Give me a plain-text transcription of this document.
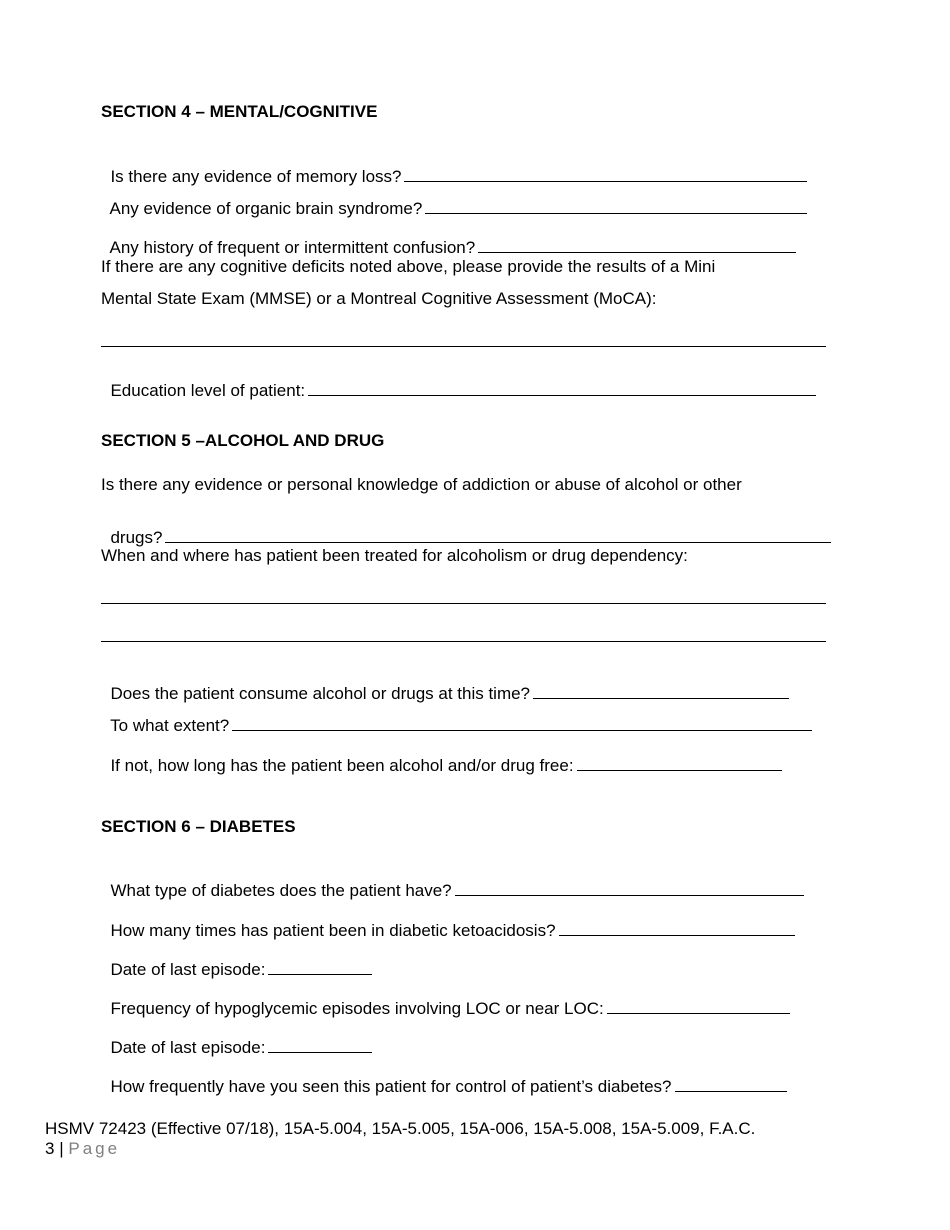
SECTION 4 – MENTAL/COGNITIVE

Is there any evidence of memory loss?

Any evidence of organic brain syndrome?

Any history of frequent or intermittent confusion?

If there are any cognitive deficits noted above, please provide the results of a Mini
Mental State Exam (MMSE) or a Montreal Cognitive Assessment (MoCA):

Education level of patient:

SECTION 5 –ALCOHOL AND DRUG
Is there any evidence or personal knowledge of addiction or abuse of alcohol or other

drugs?

When and where has patient been treated for alcoholism or drug dependency:

Does the patient consume alcohol or drugs at this time?

To what extent?

If not, how long has the patient been alcohol and/or drug free:

SECTION 6 – DIABETES

What type of diabetes does the patient have?

How many times has patient been in diabetic ketoacidosis?

Date of last episode:

Frequency of hypoglycemic episodes involving LOC or near LOC:

Date of last episode:

How frequently have you seen this patient for control of patient’s diabetes?

HSMV 72423 (Effective 07/18), 15A-5.004, 15A-5.005, 15A-006, 15A-5.008, 15A-5.009, F.A.C.
3 | Page
